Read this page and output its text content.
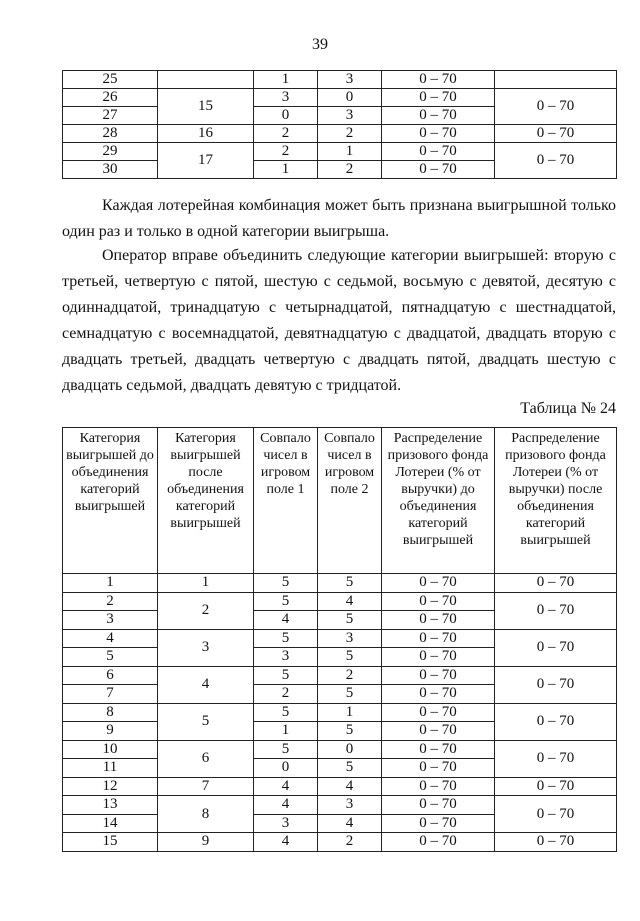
39
25		1	3	0 – 70	
26	15	3	0	0 – 70	0 – 70
27		0	3	0 – 70	
28	16	2	2	0 – 70	0 – 70
29	17	2	1	0 – 70	0 – 70
30		1	2	0 – 70	

Каждая лотерейная комбинация может быть признана выигрышной только один раз и только в одной категории выигрыша.

Оператор вправе объединить следующие категории выигрышей: вторую с третьей, четвертую с пятой, шестую с седьмой, восьмую с девятой, десятую с одиннадцатой, тринадцатую с четырнадцатой, пятнадцатую с шестнадцатой, семнадцатую с восемнадцатой, девятнадцатую с двадцатой, двадцать вторую с двадцать третьей, двадцать четвертую с двадцать пятой, двадцать шестую с двадцать седьмой, двадцать девятую с тридцатой.

Таблица № 24
Категория выигрышей до объединения категорий выигрышей	Категория выигрышей после объединения категорий выигрышей	Совпало чисел в игровом поле 1	Совпало чисел в игровом поле 2	Распределение призового фонда Лотереи (% от выручки) до объединения категорий выигрышей	Распределение призового фонда Лотереи (% от выручки) после объединения категорий выигрышей
1	1	5	5	0 – 70	0 – 70
2	2	5	4	0 – 70	0 – 70
3		4	5	0 – 70	
4	3	5	3	0 – 70	0 – 70
5		3	5	0 – 70	
6	4	5	2	0 – 70	0 – 70
7		2	5	0 – 70	
8	5	5	1	0 – 70	0 – 70
9		1	5	0 – 70	
10	6	5	0	0 – 70	0 – 70
11		0	5	0 – 70	
12	7	4	4	0 – 70	0 – 70
13	8	4	3	0 – 70	0 – 70
14		3	4	0 – 70	
15	9	4	2	0 – 70	0 – 70
